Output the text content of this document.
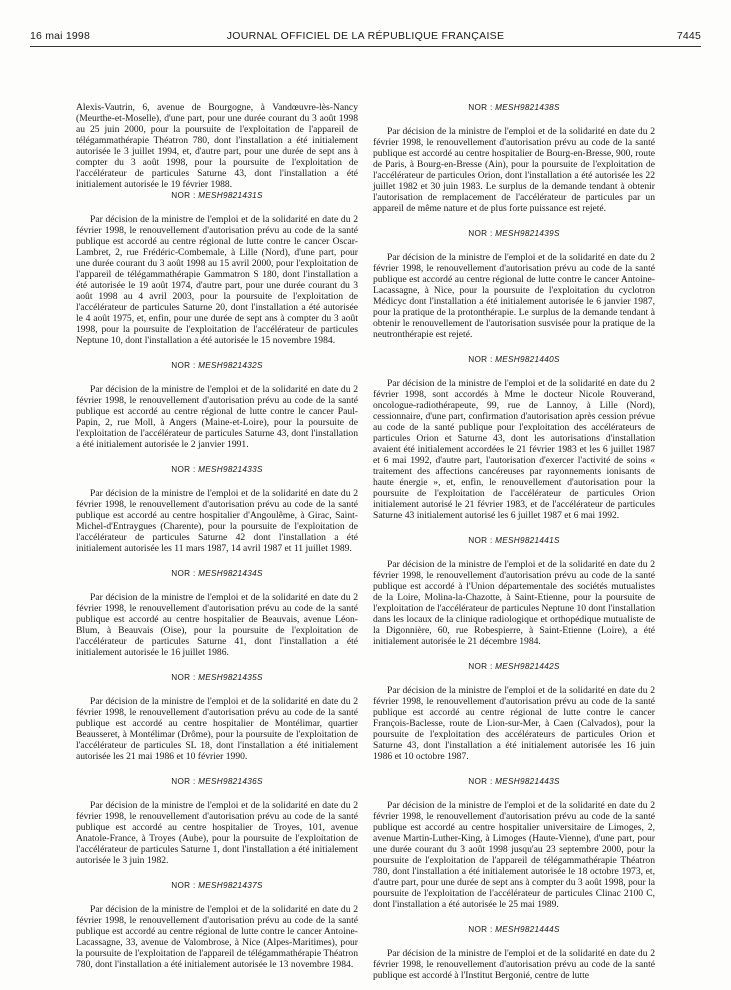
16 mai 1998	JOURNAL OFFICIEL DE LA RÉPUBLIQUE FRANÇAISE	7445

Alexis-Vautrin, 6, avenue de Bourgogne, à Vandœuvre-lès-Nancy (Meurthe-et-Moselle), d'une part, pour une durée courant du 3 août 1998 au 25 juin 2000, pour la poursuite de l'exploitation de l'appareil de télégammathérapie Théatron 780, dont l'installation a été initialement autorisée le 3 juillet 1994, et, d'autre part, pour une durée de sept ans à compter du 3 août 1998, pour la poursuite de l'exploitation de l'accélérateur de particules Saturne 43, dont l'installation a été initialement autorisée le 19 février 1988.

NOR : MESH9821431S

Par décision de la ministre de l'emploi et de la solidarité en date du 2 février 1998, le renouvellement d'autorisation prévu au code de la santé publique est accordé au centre régional de lutte contre le cancer Oscar-Lambret, 2, rue Frédéric-Combemale, à Lille (Nord), d'une part, pour une durée courant du 3 août 1998 au 15 avril 2000, pour l'exploitation de l'appareil de télégammathérapie Gammatron S 180, dont l'installation a été autorisée le 19 août 1974, d'autre part, pour une durée courant du 3 août 1998 au 4 avril 2003, pour la poursuite de l'exploitation de l'accélérateur de particules Saturne 20, dont l'installation a été autorisée le 4 août 1975, et, enfin, pour une durée de sept ans à compter du 3 août 1998, pour la poursuite de l'exploitation de l'accélérateur de particules Neptune 10, dont l'installation a été autorisée le 15 novembre 1984.

NOR : MESH9821432S

Par décision de la ministre de l'emploi et de la solidarité en date du 2 février 1998, le renouvellement d'autorisation prévu au code de la santé publique est accordé au centre régional de lutte contre le cancer Paul-Papin, 2, rue Moll, à Angers (Maine-et-Loire), pour la poursuite de l'exploitation de l'accélérateur de particules Saturne 43, dont l'installation a été initialement autorisée le 2 janvier 1991.

NOR : MESH9821433S

Par décision de la ministre de l'emploi et de la solidarité en date du 2 février 1998, le renouvellement d'autorisation prévu au code de la santé publique est accordé au centre hospitalier d'Angoulême, à Girac, Saint-Michel-d'Entraygues (Charente), pour la poursuite de l'exploitation de l'accélérateur de particules Saturne 42 dont l'installation a été initialement autorisée les 11 mars 1987, 14 avril 1987 et 11 juillet 1989.

NOR : MESH9821434S

Par décision de la ministre de l'emploi et de la solidarité en date du 2 février 1998, le renouvellement d'autorisation prévu au code de la santé publique est accordé au centre hospitalier de Beauvais, avenue Léon-Blum, à Beauvais (Oise), pour la poursuite de l'exploitation de l'accélérateur de particules Saturne 41, dont l'installation a été initialement autorisée le 16 juillet 1986.

NOR : MESH9821435S

Par décision de la ministre de l'emploi et de la solidarité en date du 2 février 1998, le renouvellement d'autorisation prévu au code de la santé publique est accordé au centre hospitalier de Montélimar, quartier Beausseret, à Montélimar (Drôme), pour la poursuite de l'exploitation de l'accélérateur de particules SL 18, dont l'installation a été initialement autorisée les 21 mai 1986 et 10 février 1990.

NOR : MESH9821436S

Par décision de la ministre de l'emploi et de la solidarité en date du 2 février 1998, le renouvellement d'autorisation prévu au code de la santé publique est accordé au centre hospitalier de Troyes, 101, avenue Anatole-France, à Troyes (Aube), pour la poursuite de l'exploitation de l'accélérateur de particules Saturne 1, dont l'installation a été initialement autorisée le 3 juin 1982.

NOR : MESH9821437S

Par décision de la ministre de l'emploi et de la solidarité en date du 2 février 1998, le renouvellement d'autorisation prévu au code de la santé publique est accordé au centre régional de lutte contre le cancer Antoine-Lacassagne, 33, avenue de Valombrose, à Nice (Alpes-Maritimes), pour la poursuite de l'exploitation de l'appareil de télégammathérapie Théatron 780, dont l'installation a été initialement autorisée le 13 novembre 1984.

NOR : MESH9821438S

Par décision de la ministre de l'emploi et de la solidarité en date du 2 février 1998, le renouvellement d'autorisation prévu au code de la santé publique est accordé au centre hospitalier de Bourg-en-Bresse, 900, route de Paris, à Bourg-en-Bresse (Ain), pour la poursuite de l'exploitation de l'accélérateur de particules Orion, dont l'installation a été autorisée les 22 juillet 1982 et 30 juin 1983. Le surplus de la demande tendant à obtenir l'autorisation de remplacement de l'accélérateur de particules par un appareil de même nature et de plus forte puissance est rejeté.

NOR : MESH9821439S

Par décision de la ministre de l'emploi et de la solidarité en date du 2 février 1998, le renouvellement d'autorisation prévu au code de la santé publique est accordé au centre régional de lutte contre le cancer Antoine-Lacassagne, à Nice, pour la poursuite de l'exploitation du cyclotron Médicyc dont l'installation a été initialement autorisée le 6 janvier 1987, pour la pratique de la protonthérapie. Le surplus de la demande tendant à obtenir le renouvellement de l'autorisation susvisée pour la pratique de la neutronthérapie est rejeté.

NOR : MESH9821440S

Par décision de la ministre de l'emploi et de la solidarité en date du 2 février 1998, sont accordés à Mme le docteur Nicole Rouverand, oncologue-radiothérapeute, 99, rue de Lannoy, à Lille (Nord), cessionnaire, d'une part, confirmation d'autorisation après cession prévue au code de la santé publique pour l'exploitation des accélérateurs de particules Orion et Saturne 43, dont les autorisations d'installation avaient été initialement accordées le 21 février 1983 et les 6 juillet 1987 et 6 mai 1992, d'autre part, l'autorisation d'exercer l'activité de soins « traitement des affections cancéreuses par rayonnements ionisants de haute énergie », et, enfin, le renouvellement d'autorisation pour la poursuite de l'exploitation de l'accélérateur de particules Orion initialement autorisé le 21 février 1983, et de l'accélérateur de particules Saturne 43 initialement autorisé les 6 juillet 1987 et 6 mai 1992.

NOR : MESH9821441S

Par décision de la ministre de l'emploi et de la solidarité en date du 2 février 1998, le renouvellement d'autorisation prévu au code de la santé publique est accordé à l'Union départementale des sociétés mutualistes de la Loire, Molina-la-Chazotte, à Saint-Etienne, pour la poursuite de l'exploitation de l'accélérateur de particules Neptune 10 dont l'installation dans les locaux de la clinique radiologique et orthopédique mutualiste de la Digonnière, 60, rue Robespierre, à Saint-Etienne (Loire), a été initialement autorisée le 21 décembre 1984.

NOR : MESH9821442S

Par décision de la ministre de l'emploi et de la solidarité en date du 2 février 1998, le renouvellement d'autorisation prévu au code de la santé publique est accordé au centre régional de lutte contre le cancer François-Baclesse, route de Lion-sur-Mer, à Caen (Calvados), pour la poursuite de l'exploitation des accélérateurs de particules Orion et Saturne 43, dont l'installation a été initialement autorisée les 16 juin 1986 et 10 octobre 1987.

NOR : MESH9821443S

Par décision de la ministre de l'emploi et de la solidarité en date du 2 février 1998, le renouvellement d'autorisation prévu au code de la santé publique est accordé au centre hospitalier universitaire de Limoges, 2, avenue Martin-Luther-King, à Limoges (Haute-Vienne), d'une part, pour une durée courant du 3 août 1998 jusqu'au 23 septembre 2000, pour la poursuite de l'exploitation de l'appareil de télégammathérapie Théatron 780, dont l'installation a été initialement autorisée le 18 octobre 1973, et, d'autre part, pour une durée de sept ans à compter du 3 août 1998, pour la poursuite de l'exploitation de l'accélérateur de particules Clinac 2100 C, dont l'installation a été autorisée le 25 mai 1989.

NOR : MESH9821444S

Par décision de la ministre de l'emploi et de la solidarité en date du 2 février 1998, le renouvellement d'autorisation prévu au code de la santé publique est accordé à l'Institut Bergonié, centre de lutte
